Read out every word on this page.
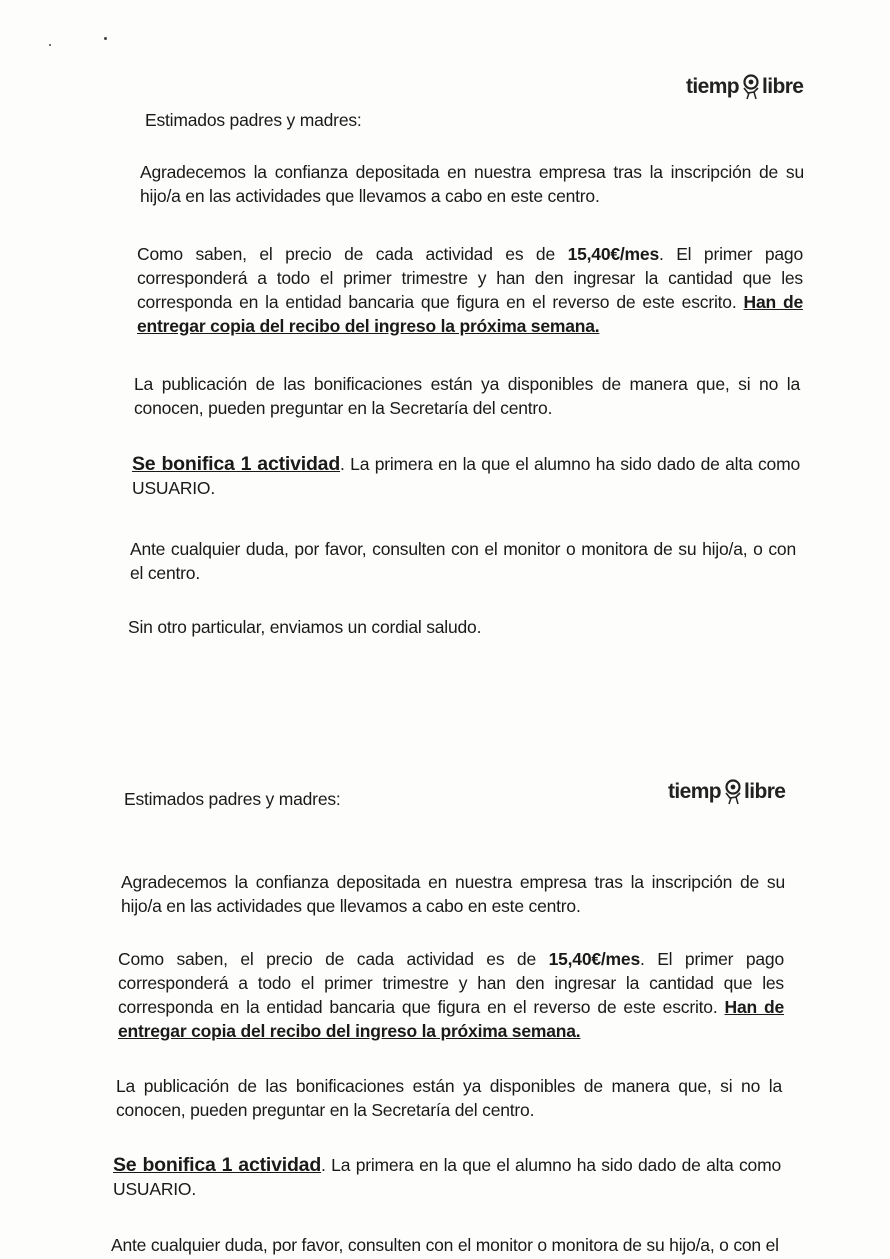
tiemp libre
Estimados padres y madres:

Agradecemos la confianza depositada en nuestra empresa tras la inscripción de su hijo/a en las actividades que llevamos a cabo en este centro.

Como saben, el precio de cada actividad es de 15,40€/mes. El primer pago corresponderá a todo el primer trimestre y han den ingresar la cantidad que les corresponda en la entidad bancaria que figura en el reverso de este escrito. Han de entregar copia del recibo del ingreso la próxima semana.

La publicación de las bonificaciones están ya disponibles de manera que, si no la conocen, pueden preguntar en la Secretaría del centro.

Se bonifica 1 actividad. La primera en la que el alumno ha sido dado de alta como USUARIO.

Ante cualquier duda, por favor, consulten con el monitor o monitora de su hijo/a, o con el centro.

Sin otro particular, enviamos un cordial saludo.
tiemp libre
Estimados padres y madres:

Agradecemos la confianza depositada en nuestra empresa tras la inscripción de su hijo/a en las actividades que llevamos a cabo en este centro.

Como saben, el precio de cada actividad es de 15,40€/mes. El primer pago corresponderá a todo el primer trimestre y han den ingresar la cantidad que les corresponda en la entidad bancaria que figura en el reverso de este escrito. Han de entregar copia del recibo del ingreso la próxima semana.

La publicación de las bonificaciones están ya disponibles de manera que, si no la conocen, pueden preguntar en la Secretaría del centro.

Se bonifica 1 actividad. La primera en la que el alumno ha sido dado de alta como USUARIO.

Ante cualquier duda, por favor, consulten con el monitor o monitora de su hijo/a, o con el
